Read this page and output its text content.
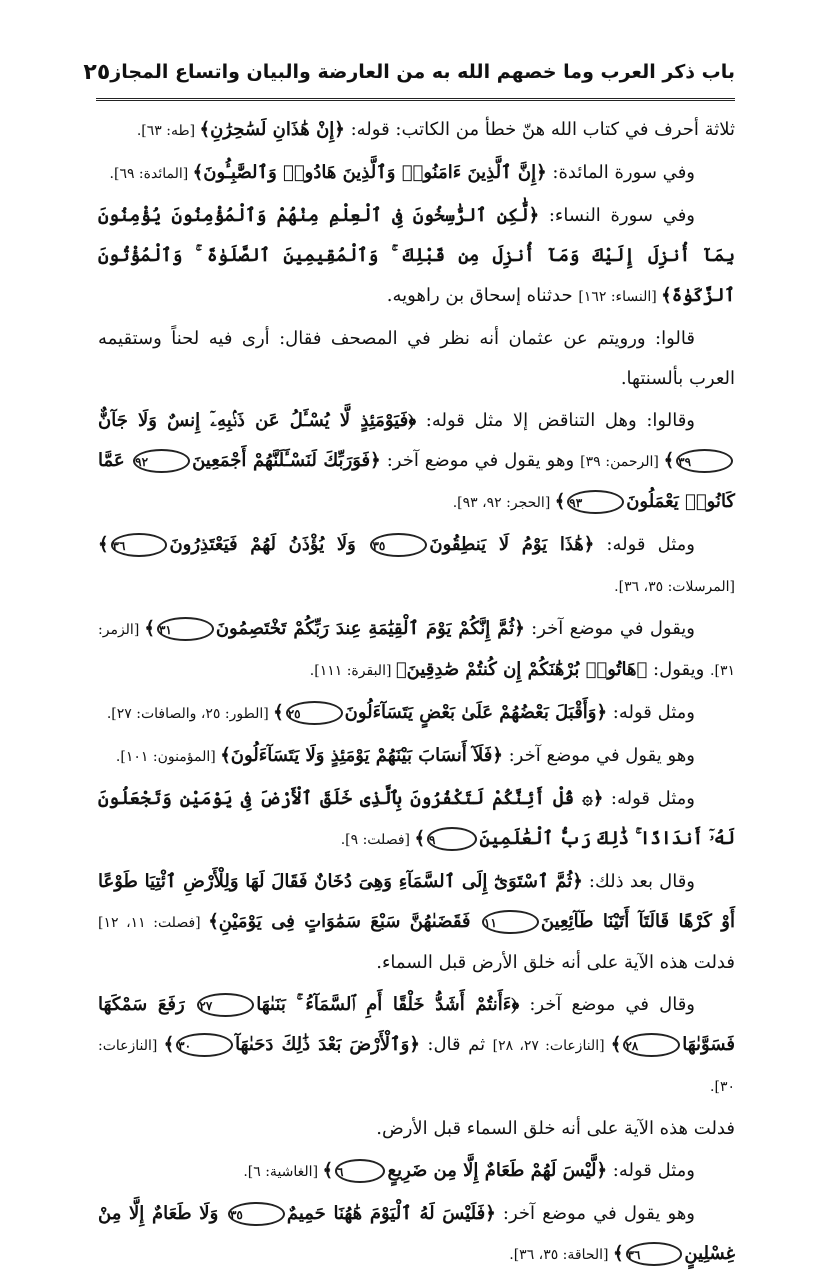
باب ذكر العرب وما خصهم الله به من العارضة والبيان واتساع المجاز
٢٥

ثلاثة أحرف في كتاب الله هنّ خطأ من الكاتب: قوله: ﴿إِنْ هَٰذَانِ لَسَٰحِرَٰنِ﴾ [طه: ٦٣].

وفي سورة المائدة: ﴿إِنَّ ٱلَّذِينَ ءَامَنُوا۟ وَٱلَّذِينَ هَادُوا۟ وَٱلصَّٰبِـُٔونَ﴾ [المائدة: ٦٩].

وفي سورة النساء: ﴿لَّٰكِنِ ٱلرَّٰسِخُونَ فِى ٱلْعِلْمِ مِنْهُمْ وَٱلْمُؤْمِنُونَ يُؤْمِنُونَ بِمَآ أُنزِلَ إِلَيْكَ وَمَآ أُنزِلَ مِن قَبْلِكَ ۚ وَٱلْمُقِيمِينَ ٱلصَّلَوٰةَ ۚ وَٱلْمُؤْتُونَ ٱلزَّكَوٰةَ﴾ [النساء: ١٦٢] حدثناه إسحاق بن راهويه.

قالوا: ورويتم عن عثمان أنه نظر في المصحف فقال: أرى فيه لحناً وستقيمه العرب بألسنتها.

وقالوا: وهل التناقض إلا مثل قوله: ﴿فَيَوْمَئِذٍ لَّا يُسْـَٔلُ عَن ذَنۢبِهِۦٓ إِنسٌ وَلَا جَآنٌّ٣٩﴾ [الرحمن: ٣٩] وهو يقول في موضع آخر: ﴿فَوَرَبِّكَ لَنَسْـَٔلَنَّهُمْ أَجْمَعِينَ٩٢ عَمَّا كَانُوا۟ يَعْمَلُونَ٩٣﴾ [الحجر: ٩٢، ٩٣].

ومثل قوله: ﴿هَٰذَا يَوْمُ لَا يَنطِقُونَ٣٥ وَلَا يُؤْذَنُ لَهُمْ فَيَعْتَذِرُونَ٣٦﴾ [المرسلات: ٣٥، ٣٦].

ويقول في موضع آخر: ﴿ثُمَّ إِنَّكُمْ يَوْمَ ٱلْقِيَٰمَةِ عِندَ رَبِّكُمْ تَخْتَصِمُونَ٣١﴾ [الزمر: ٣١]. ويقول: ﴿هَاتُوا۟ بُرْهَٰنَكُمْ إِن كُنتُمْ صَٰدِقِينَ﴾ [البقرة: ١١١].

ومثل قوله: ﴿وَأَقْبَلَ بَعْضُهُمْ عَلَىٰ بَعْضٍ يَتَسَآءَلُونَ٢٥﴾ [الطور: ٢٥، والصافات: ٢٧].

وهو يقول في موضع آخر: ﴿فَلَآ أَنسَابَ بَيْنَهُمْ يَوْمَئِذٍ وَلَا يَتَسَآءَلُونَ﴾ [المؤمنون: ١٠١].

ومثل قوله: ﴿۞ قُلْ أَئِنَّكُمْ لَتَكْفُرُونَ بِٱلَّذِى خَلَقَ ٱلْأَرْضَ فِى يَوْمَيْنِ وَتَجْعَلُونَ لَهُۥٓ أَندَادًا ۚ ذَٰلِكَ رَبُّ ٱلْعَٰلَمِينَ٩﴾ [فصلت: ٩].

وقال بعد ذلك: ﴿ثُمَّ ٱسْتَوَىٰٓ إِلَى ٱلسَّمَآءِ وَهِىَ دُخَانٌ فَقَالَ لَهَا وَلِلْأَرْضِ ٱئْتِيَا طَوْعًا أَوْ كَرْهًا قَالَتَآ أَتَيْنَا طَآئِعِينَ١١ فَقَضَىٰهُنَّ سَبْعَ سَمَٰوَاتٍ فِى يَوْمَيْنِ﴾ [فصلت: ١١، ١٢] فدلت هذه الآية على أنه خلق الأرض قبل السماء.

وقال في موضع آخر: ﴿ءَأَنتُمْ أَشَدُّ خَلْقًا أَمِ ٱلسَّمَآءُ ۚ بَنَىٰهَا٢٧ رَفَعَ سَمْكَهَا فَسَوَّىٰهَا٢٨﴾ [النازعات: ٢٧، ٢٨] ثم قال: ﴿وَٱلْأَرْضَ بَعْدَ ذَٰلِكَ دَحَىٰهَآ٣٠﴾ [النازعات: ٣٠].

فدلت هذه الآية على أنه خلق السماء قبل الأرض.

ومثل قوله: ﴿لَّيْسَ لَهُمْ طَعَامٌ إِلَّا مِن ضَرِيعٍ٦﴾ [الغاشية: ٦].

وهو يقول في موضع آخر: ﴿فَلَيْسَ لَهُ ٱلْيَوْمَ هَٰهُنَا حَمِيمٌ٣٥ وَلَا طَعَامٌ إِلَّا مِنْ غِسْلِينٍ٣٦﴾ [الحاقة: ٣٥، ٣٦].
